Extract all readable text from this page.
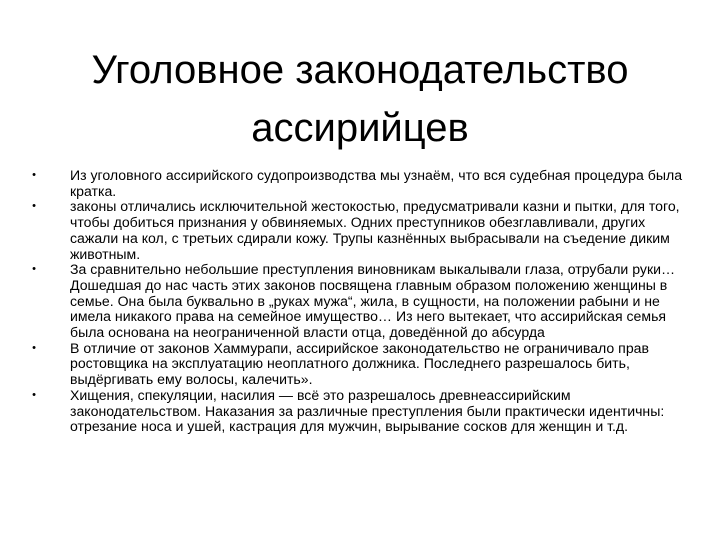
Уголовное законодательство
ассирийцев
• Из уголовного ассирийского судопроизводства мы узнаём, что вся судебная процедура была кратка.
• законы отличались исключительной жестокостью, предусматривали казни и пытки, для того, чтобы добиться признания у обвиняемых. Одних преступников обезглавливали, других сажали на кол, с третьих сдирали кожу. Трупы казнённых выбрасывали на съедение диким животным.
• За сравнительно небольшие преступления виновникам выкалывали глаза, отрубали руки… Дошедшая до нас часть этих законов посвящена главным образом положению женщины в семье. Она была буквально в „руках мужа“, жила, в сущности, на положении рабыни и не имела никакого права на семейное имущество… Из него вытекает, что ассирийская семья была основана на неограниченной власти отца, доведённой до абсурда
• В отличие от законов Хаммурапи, ассирийское законодательство не ограничивало прав ростовщика на эксплуатацию неоплатного должника. Последнего разрешалось бить, выдёргивать ему волосы, калечить».
• Хищения, спекуляции, насилия — всё это разрешалось древнеассирийским законодательством. Наказания за различные преступления были практически идентичны: отрезание носа и ушей, кастрация для мужчин, вырывание сосков для женщин и т.д.
